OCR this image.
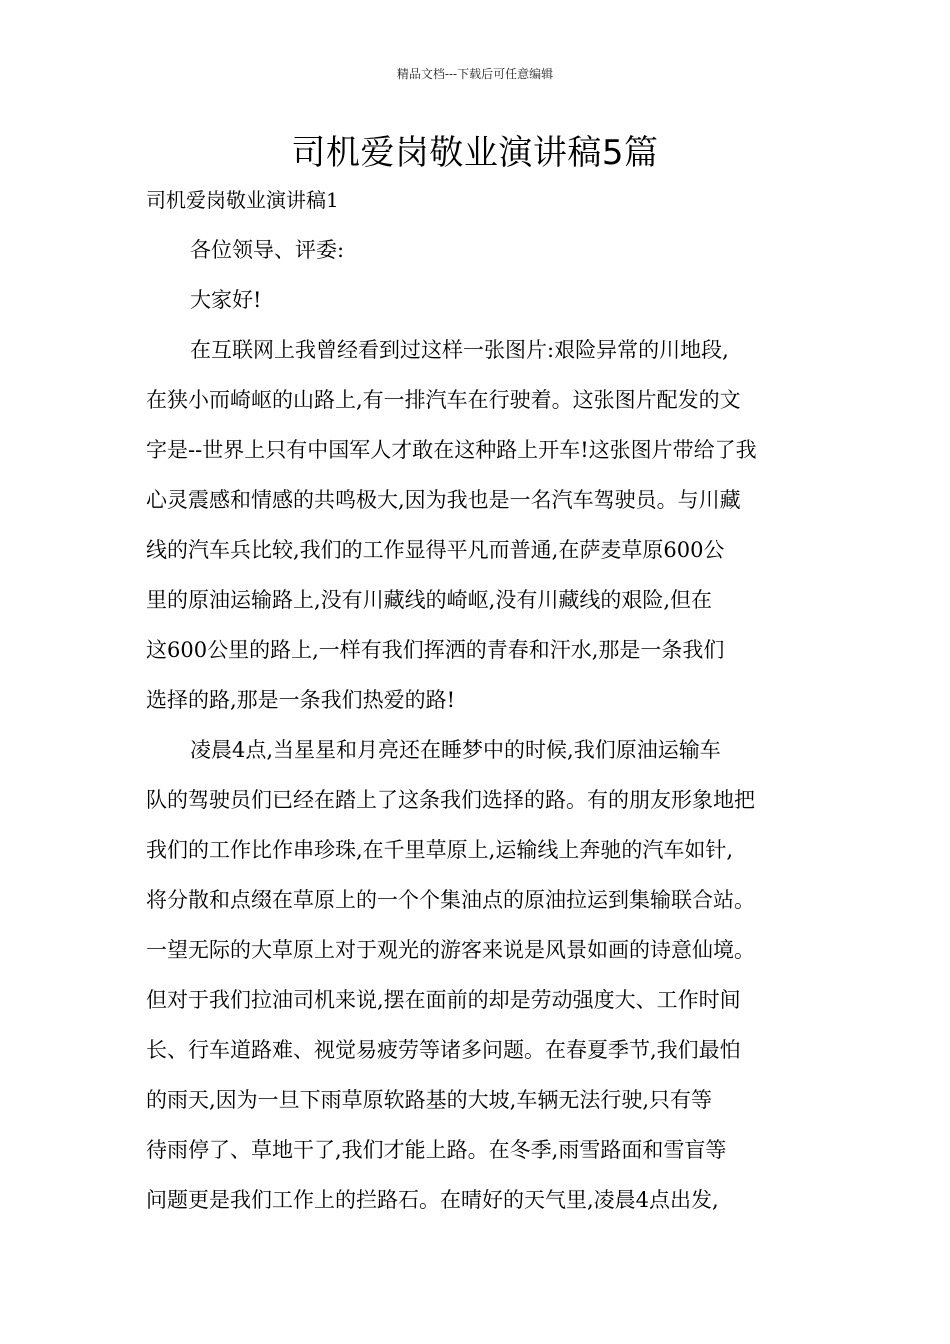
精品文档---下载后可任意编辑
司机爱岗敬业演讲稿5篇
司机爱岗敬业演讲稿1
各位领导、评委:
大家好!
在互联网上我曾经看到过这样一张图片:艰险异常的川地段,
在狭小而崎岖的山路上,有一排汽车在行驶着。这张图片配发的文
字是--世界上只有中国军人才敢在这种路上开车!这张图片带给了我
心灵震感和情感的共鸣极大,因为我也是一名汽车驾驶员。与川藏
线的汽车兵比较,我们的工作显得平凡而普通,在萨麦草原600公
里的原油运输路上,没有川藏线的崎岖,没有川藏线的艰险,但在
这600公里的路上,一样有我们挥洒的青春和汗水,那是一条我们
选择的路,那是一条我们热爱的路!
凌晨4点,当星星和月亮还在睡梦中的时候,我们原油运输车
队的驾驶员们已经在踏上了这条我们选择的路。有的朋友形象地把
我们的工作比作串珍珠,在千里草原上,运输线上奔驰的汽车如针,
将分散和点缀在草原上的一个个集油点的原油拉运到集输联合站。
一望无际的大草原上对于观光的游客来说是风景如画的诗意仙境。
但对于我们拉油司机来说,摆在面前的却是劳动强度大、工作时间
长、行车道路难、视觉易疲劳等诸多问题。在春夏季节,我们最怕
的雨天,因为一旦下雨草原软路基的大坡,车辆无法行驶,只有等
待雨停了、草地干了,我们才能上路。在冬季,雨雪路面和雪盲等
问题更是我们工作上的拦路石。在晴好的天气里,凌晨4点出发,
